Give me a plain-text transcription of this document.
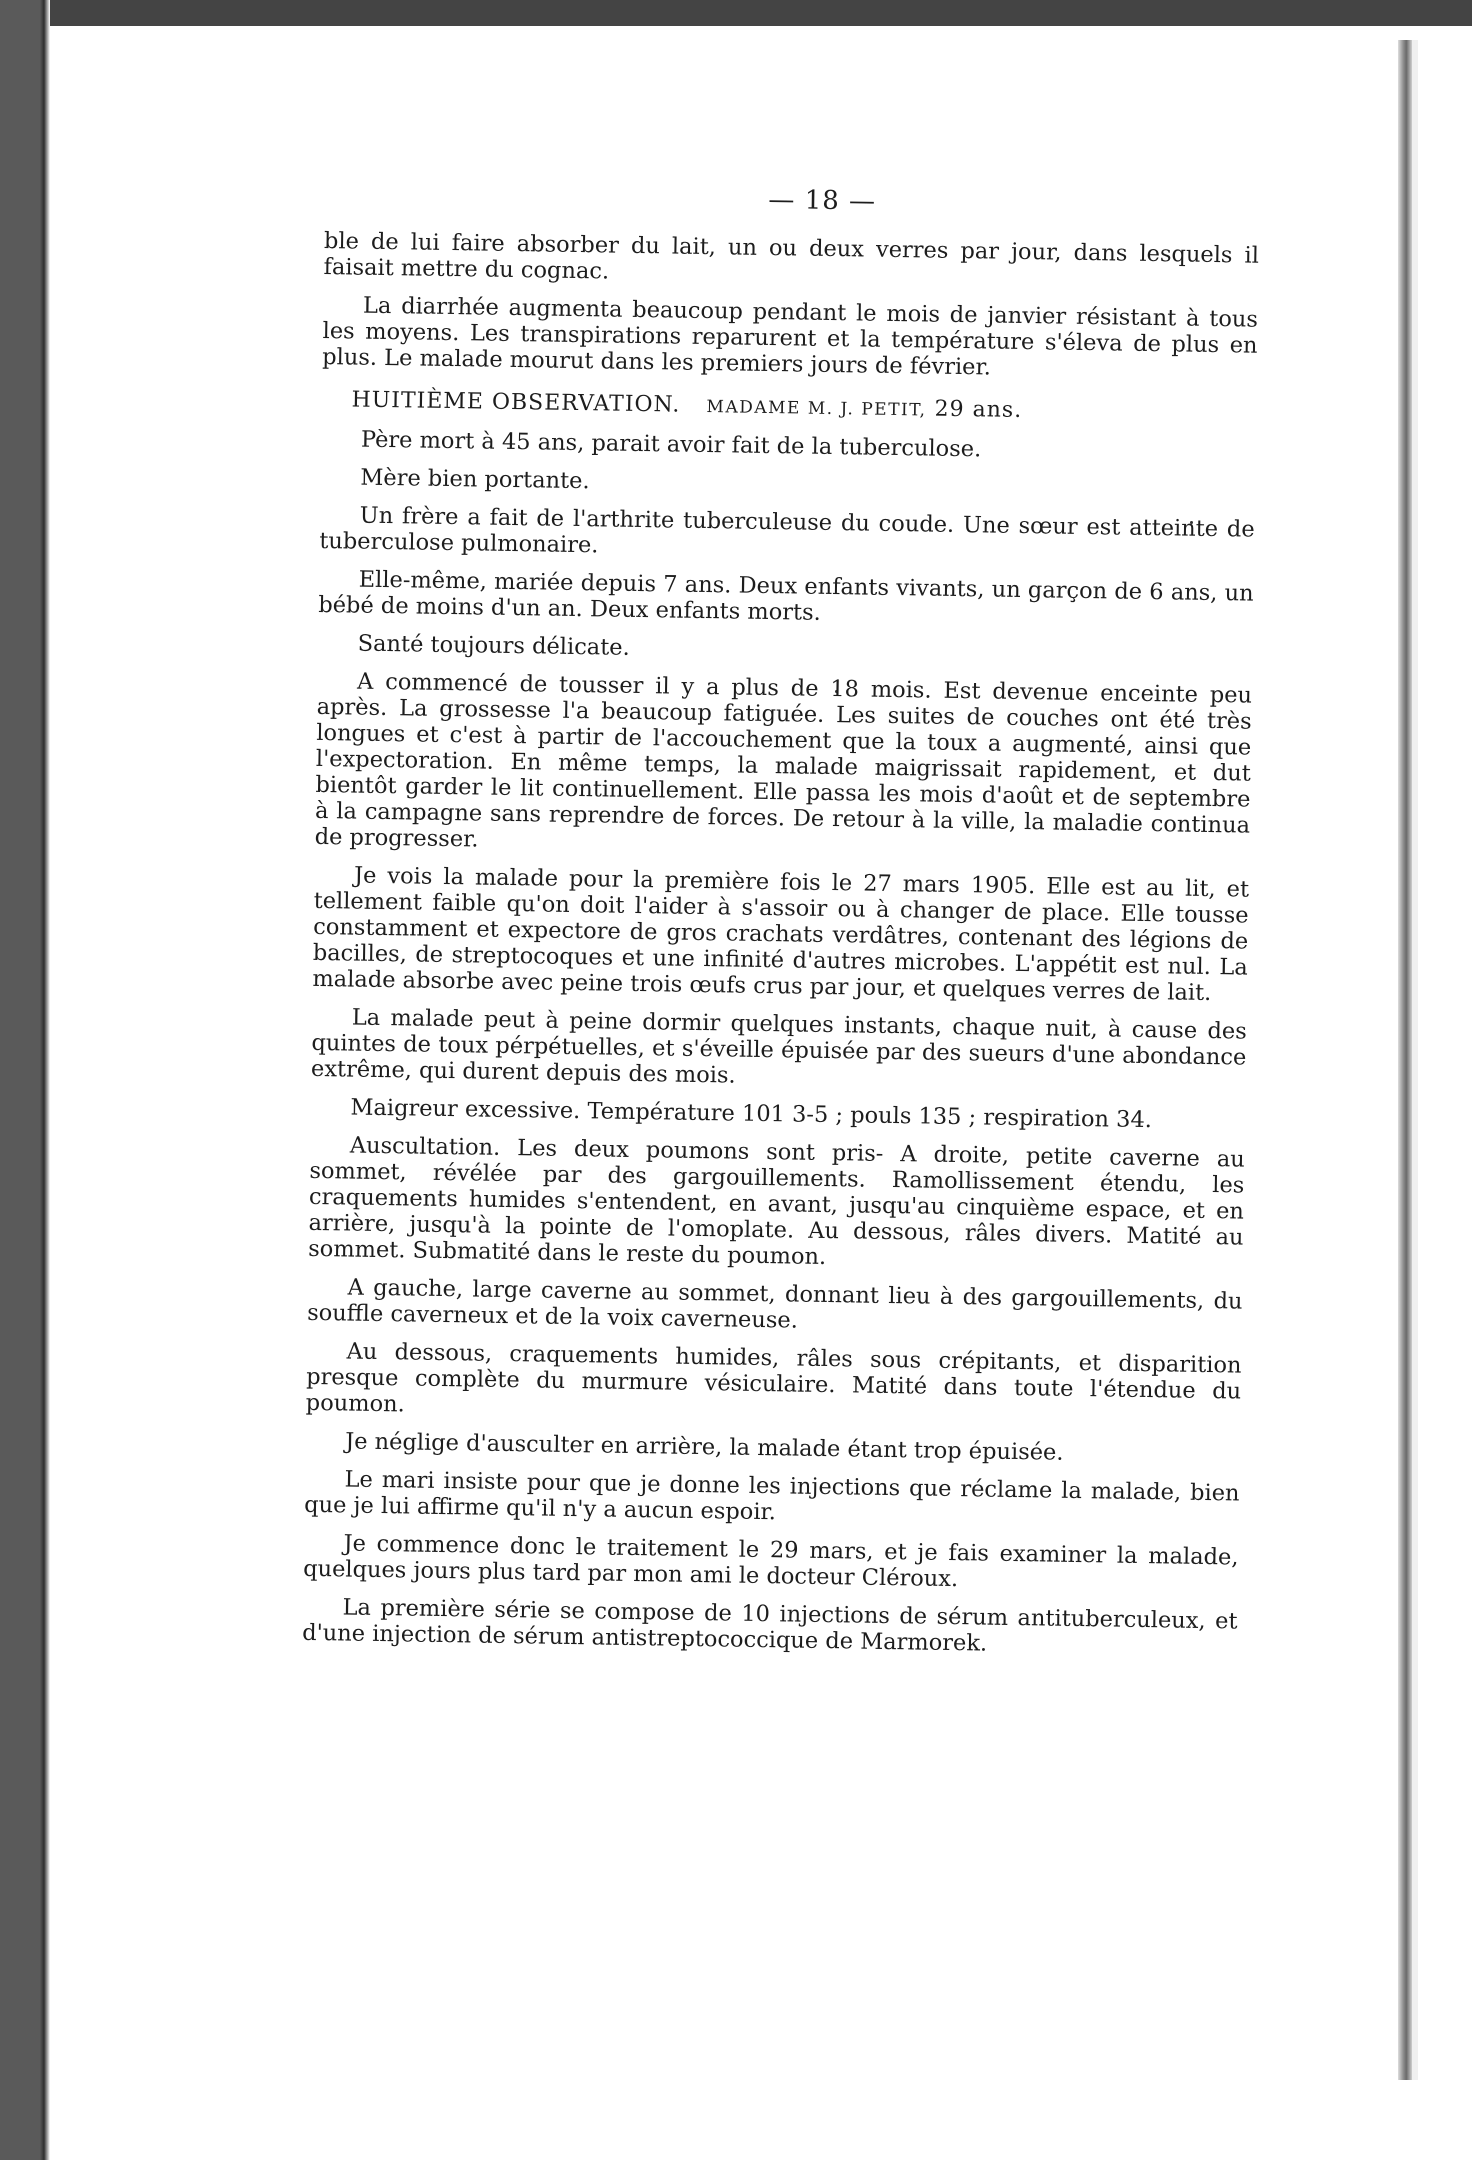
— 18 —

ble de lui faire absorber du lait, un ou deux verres par jour, dans lesquels il faisait mettre du cognac.

La diarrhée augmenta beaucoup pendant le mois de janvier résistant à tous les moyens. Les transpirations reparurent et la température s'éleva de plus en plus. Le malade mourut dans les premiers jours de février.

HUITIÈME OBSERVATION. MADAME M. J. PETIT, 29 ans.

Père mort à 45 ans, parait avoir fait de la tuberculose.

Mère bien portante.

Un frère a fait de l'arthrite tuberculeuse du coude. Une sœur est atteinte de tuberculose pulmonaire.

Elle-même, mariée depuis 7 ans. Deux enfants vivants, un garçon de 6 ans, un bébé de moins d'un an. Deux enfants morts.

Santé toujours délicate.

A commencé de tousser il y a plus de 18 mois. Est devenue enceinte peu après. La grossesse l'a beaucoup fatiguée. Les suites de couches ont été très longues et c'est à partir de l'accouchement que la toux a augmenté, ainsi que l'expectoration. En même temps, la malade maigrissait rapidement, et dut bientôt garder le lit continuellement. Elle passa les mois d'août et de septembre à la campagne sans reprendre de forces. De retour à la ville, la maladie continua de progresser.

Je vois la malade pour la première fois le 27 mars 1905. Elle est au lit, et tellement faible qu'on doit l'aider à s'assoir ou à changer de place. Elle tousse constamment et expectore de gros crachats verdâtres, contenant des légions de bacilles, de streptocoques et une infinité d'autres microbes. L'appétit est nul. La malade absorbe avec peine trois œufs crus par jour, et quelques verres de lait.

La malade peut à peine dormir quelques instants, chaque nuit, à cause des quintes de toux pérpétuelles, et s'éveille épuisée par des sueurs d'une abondance extrême, qui durent depuis des mois.

Maigreur excessive. Température 101 3-5 ; pouls 135 ; respiration 34.

Auscultation. Les deux poumons sont pris- A droite, petite caverne au sommet, révélée par des gargouillements. Ramollissement étendu, les craquements humides s'entendent, en avant, jusqu'au cinquième espace, et en arrière, jusqu'à la pointe de l'omoplate. Au dessous, râles divers. Matité au sommet. Submatité dans le reste du poumon.

A gauche, large caverne au sommet, donnant lieu à des gargouillements, du souffle caverneux et de la voix caverneuse.

Au dessous, craquements humides, râles sous crépitants, et disparition presque complète du murmure vésiculaire. Matité dans toute l'étendue du poumon.

Je néglige d'ausculter en arrière, la malade étant trop épuisée.

Le mari insiste pour que je donne les injections que réclame la malade, bien que je lui affirme qu'il n'y a aucun espoir.

Je commence donc le traitement le 29 mars, et je fais examiner la malade, quelques jours plus tard par mon ami le docteur Cléroux.

La première série se compose de 10 injections de sérum antituberculeux, et d'une injection de sérum antistreptococcique de Marmorek.
